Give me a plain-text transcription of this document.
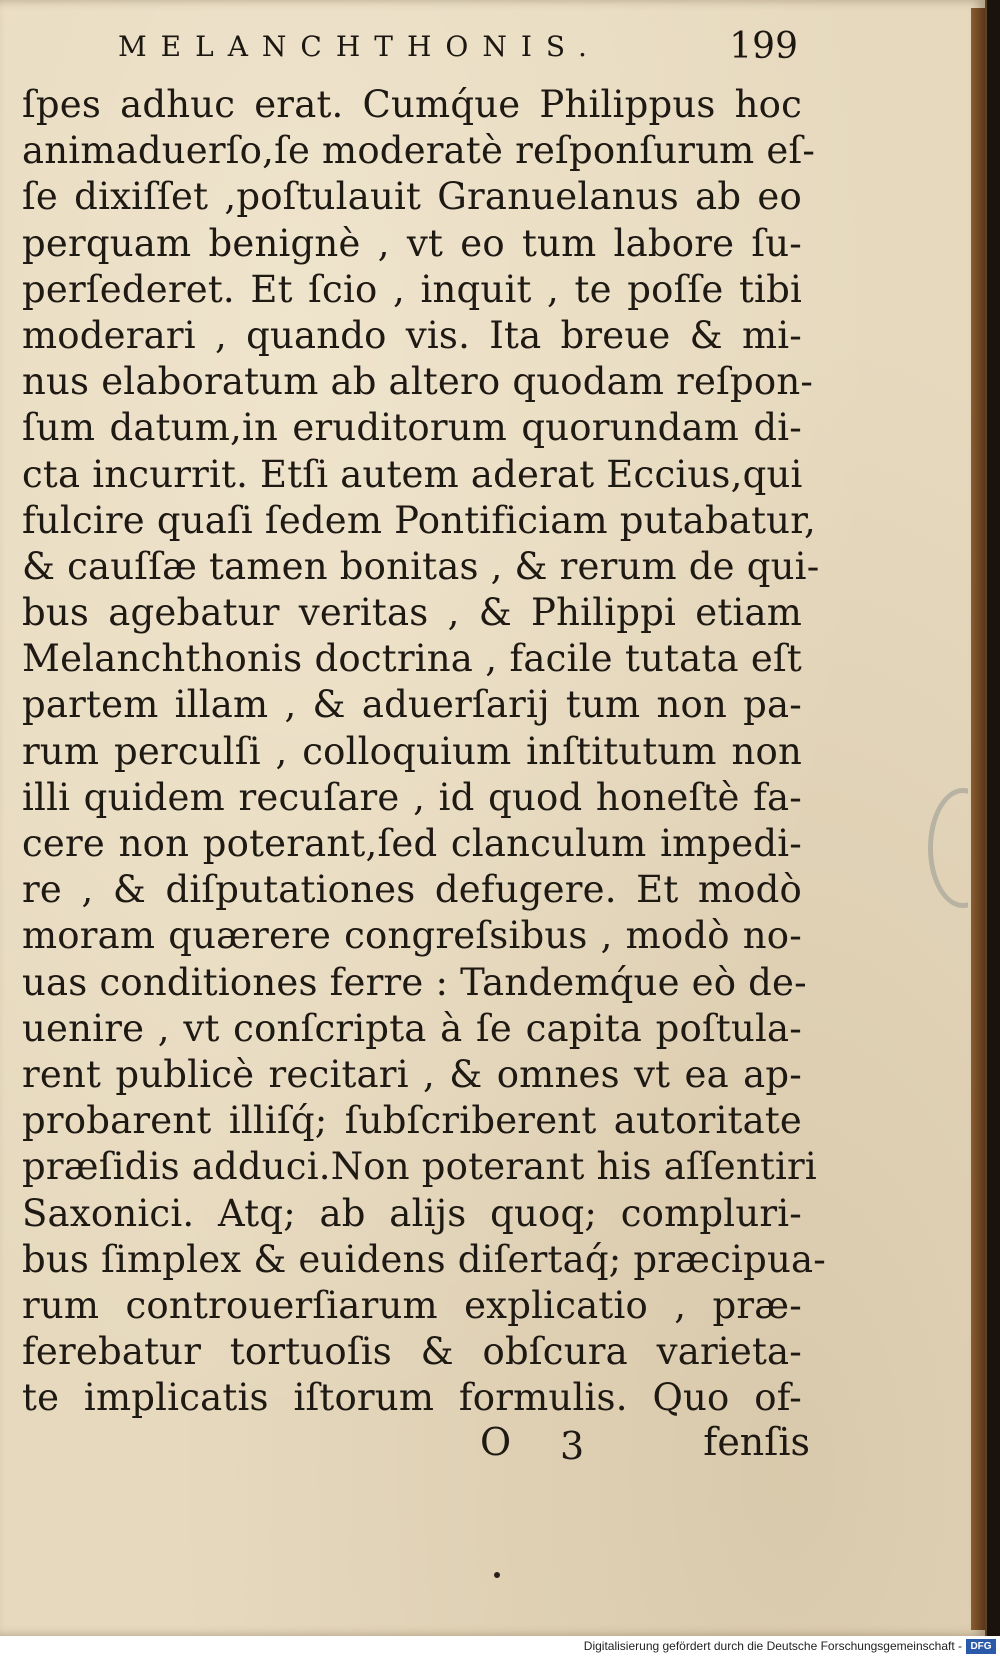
MELANCHTHONIS.	199
ſpes adhuc erat. Cumq́ue Philippus hoc
animaduerſo,ſe moderatè reſponſurum eſ-
ſe dixiſſet ,poſtulauit Granuelanus ab eo
perquam benignè , vt eo tum labore ſu-
perſederet. Et ſcio , inquit , te poſſe tibi
moderari , quando vis. Ita breue & mi-
nus elaboratum ab altero quodam reſpon-
ſum datum,in eruditorum quorundam di-
cta incurrit. Etſi autem aderat Eccius,qui
fulcire quaſi ſedem Pontificiam putabatur,
& cauſſæ tamen bonitas , & rerum de qui-
bus agebatur veritas , & Philippi etiam
Melanchthonis doctrina , facile tutata eſt
partem illam , & aduerſarij tum non pa-
rum perculſi , colloquium inſtitutum non
illi quidem recuſare , id quod honeſtè fa-
cere non poterant,ſed clanculum impedi-
re , & diſputationes defugere. Et modò
moram quærere congreſsibus , modò no-
uas conditiones ferre : Tandemq́ue eò de-
uenire , vt conſcripta à ſe capita poſtula-
rent publicè recitari , & omnes vt ea ap-
probarent illiſq́; ſubſcriberent autoritate
præſidis adduci.Non poterant his aſſentiri
Saxonici. Atq; ab alijs quoq; compluri-
bus ſimplex & euidens diſertaq́; præcipua-
rum controuerſiarum explicatio , præ-
ferebatur tortuoſis & obſcura varieta-
te implicatis iſtorum formulis. Quo of-
O 3	fenſis
Digitalisierung gefördert durch die Deutsche Forschungsgemeinschaft - DFG
